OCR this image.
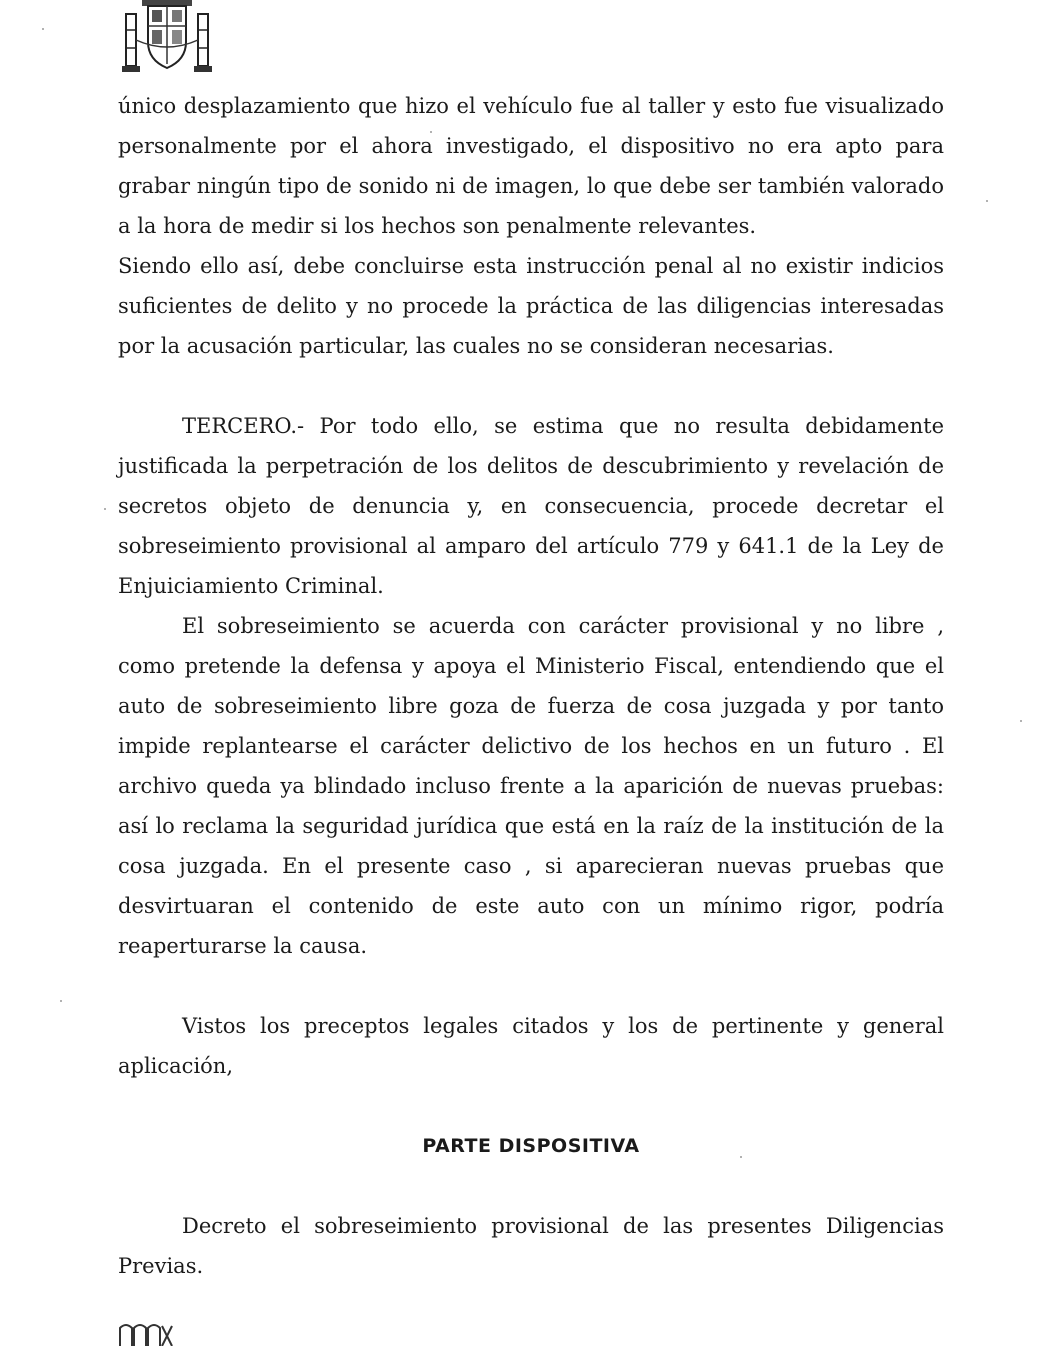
único desplazamiento que hizo el vehículo fue al taller y esto fue visualizado personalmente por el ahora investigado, el dispositivo no era apto para grabar ningún tipo de sonido ni de imagen, lo que debe ser también valorado a la hora de medir si los hechos son penalmente relevantes.

Siendo ello así, debe concluirse esta instrucción penal al no existir indicios suficientes de delito y no procede la práctica de las diligencias interesadas por la acusación particular, las cuales no se consideran necesarias.

TERCERO.- Por todo ello, se estima que no resulta debidamente justificada la perpetración de los delitos de descubrimiento y revelación de secretos objeto de denuncia y, en consecuencia, procede decretar el sobreseimiento provisional al amparo del artículo 779 y 641.1 de la Ley de Enjuiciamiento Criminal.

El sobreseimiento se acuerda con carácter provisional y no libre , como pretende la defensa y apoya el Ministerio Fiscal, entendiendo que el auto de sobreseimiento libre goza de fuerza de cosa juzgada y por tanto impide replantearse el carácter delictivo de los hechos en un futuro . El archivo queda ya blindado incluso frente a la aparición de nuevas pruebas: así lo reclama la seguridad jurídica que está en la raíz de la institución de la cosa juzgada. En el presente caso , si aparecieran nuevas pruebas que desvirtuaran el contenido de este auto con un mínimo rigor, podría reaperturarse la causa.

Vistos los preceptos legales citados y los de pertinente y general aplicación,

PARTE DISPOSITIVA

Decreto el sobreseimiento provisional de las presentes Diligencias Previas.
